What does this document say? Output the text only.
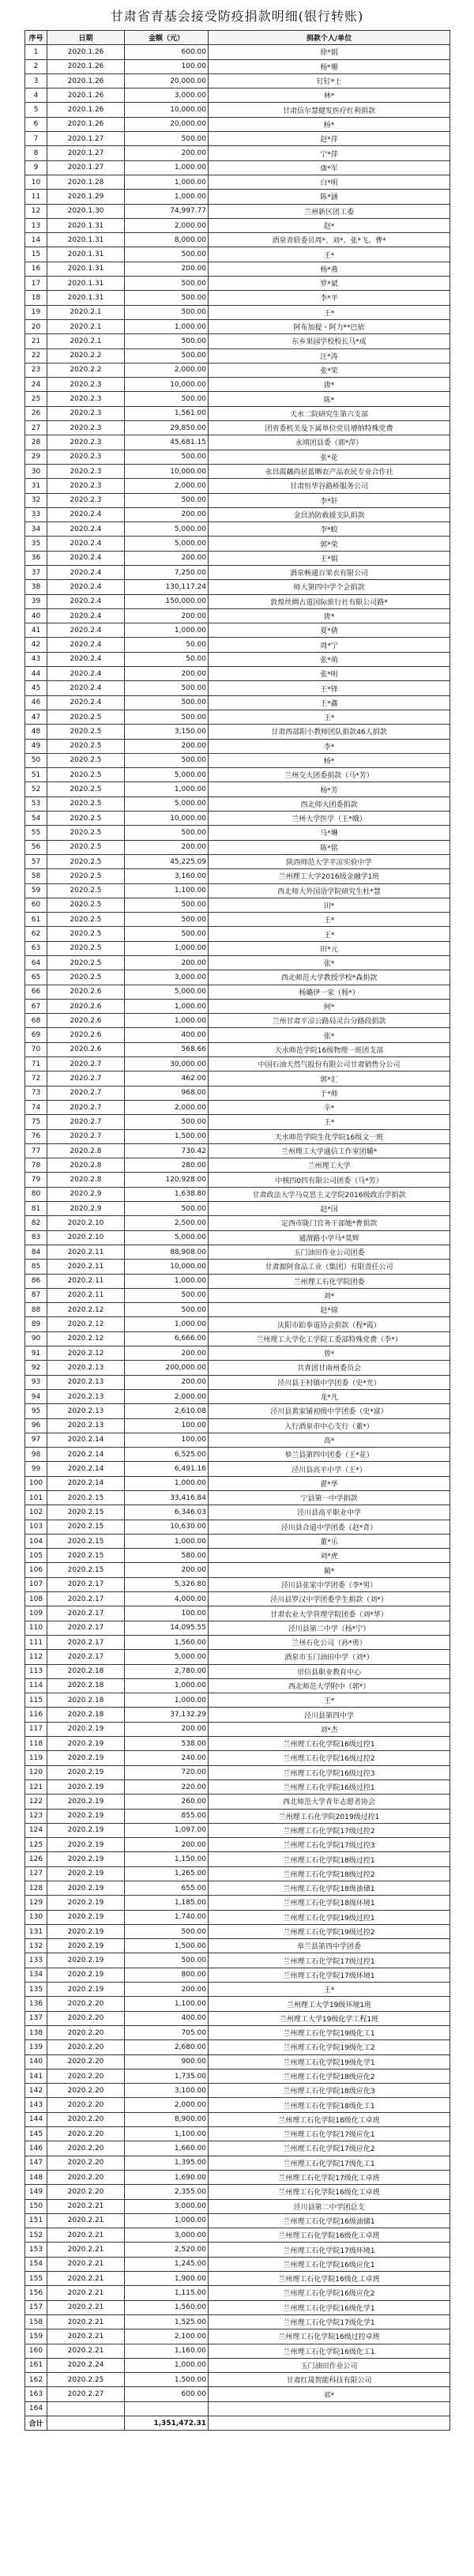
甘肃省青基会接受防疫捐款明细(银行转账)
序号	日期	金额（元）	捐款个人/单位
1	2020.1.26	600.00	徐*娟
2	2020.1.26	100.00	杨*珊
3	2020.1.26	20,000.00	钉钉*士
4	2020.1.26	3,000.00	林*
5	2020.1.26	10,000.00	甘肃信尔慧健发医疗红利捐款
6	2020.1.26	20,000.00	杨*
7	2020.1.27	500.00	赵*萍
8	2020.1.27	200.00	宁*萍
9	2020.1.27	1,000.00	康*军
10	2020.1.28	1,000.00	白*明
11	2020.1.29	1,000.00	陈*涵
12	2020.1.30	74,997.77	兰州新区团工委
13	2020.1.31	2,000.00	赵*
14	2020.1.31	8,000.00	酒泉青联委员周*、刘*、张*飞、曹*
15	2020.1.31	500.00	王*
16	2020.1.31	200.00	杨*燕
17	2020.1.31	500.00	罗*斌
18	2020.1.31	500.00	李*平
19	2020.2.1	500.00	王*
20	2020.2.1	1,000.00	阿布加提・阿力**巴依
21	2020.2.1	500.00	东乡果园学校校长马*成
22	2020.2.2	500.00	汪*涛
23	2020.2.2	2,000.00	张*荣
24	2020.2.3	10,000.00	唐*
25	2020.2.3	500.00	陈*
26	2020.2.3	1,561.00	天水二院研究生第六支部
27	2020.2.3	29,850.00	团省委机关及下属单位党员增纳特殊党费
28	2020.2.3	45,681.15	永靖团县委（郭*萍）
29	2020.2.3	500.00	张*花
30	2020.2.3	10,000.00	永昌霞藕尚居蓝晒农产品农民专业合作社
31	2020.2.3	2,000.00	甘肃恒华谷路桥服务公司
32	2020.2.3	500.00	李*轩
33	2020.2.4	200.00	金昌消防救援支队捐款
34	2020.2.4	5,000.00	李*蛟
35	2020.2.4	5,000.00	郭*荣
36	2020.2.4	200.00	王*娟
37	2020.2.4	7,250.00	酒泉畅通百果衣有限公司
38	2020.2.4	130,117.24	师大第四中学个会捐款
39	2020.2.4	150,000.00	敦煌丝绸古道国际旅行社有限公司路*
40	2020.2.4	200.00	唐*
41	2020.2.4	1,000.00	夏*倩
42	2020.2.4	50.00	周*宁
43	2020.2.4	50.00	张*萌
44	2020.2.4	200.00	张*明
45	2020.2.4	500.00	王*锋
46	2020.2.4	500.00	王*鑫
47	2020.2.5	500.00	王*
48	2020.2.5	3,150.00	甘肃西部阳小教师团队捐款46人捐款
49	2020.2.5	200.00	李*
50	2020.2.5	500.00	杨*
51	2020.2.5	5,000.00	兰州交大团委捐款（马*芳）
52	2020.2.5	1,000.00	杨*芳
53	2020.2.5	5,000.00	西北师大团委捐款
54	2020.2.5	10,000.00	兰州大学医学（王*娥）
55	2020.2.5	500.00	马*琳
56	2020.2.5	200.00	陈*铭
57	2020.2.5	45,225.09	陕西师范大学平凉实验中学
58	2020.2.5	3,160.00	兰州理工大学2016级金融学1班
59	2020.2.5	1,100.00	西北师大外国语学院研究生杜*慧
60	2020.2.5	500.00	田*
61	2020.2.5	500.00	王*
62	2020.2.5	500.00	王*
63	2020.2.5	1,000.00	田*元
64	2020.2.5	200.00	张*
65	2020.2.5	3,000.00	西北师范大学教授学校*森捐款
66	2020.2.6	5,000.00	杨璐伊一家（杨*）
67	2020.2.6	1,000.00	何*
68	2020.2.6	1,000.00	兰州甘肃平凉公路局灵台分路段捐款
69	2020.2.6	400.00	张*
70	2020.2.6	568.66	天水师范学院16级物理一班团支部
71	2020.2.7	30,000.00	中国石油天然气股份有限公司甘肃销售分公司
72	2020.2.7	462.00	郭*汇
73	2020.2.7	968.00	于*师
74	2020.2.7	2,000.00	辛*
75	2020.2.7	500.00	王*
76	2020.2.7	1,500.00	天水师范学院生化学院16级文一班
77	2020.2.8	730.42	兰州理工大学通信工作室团辅*
78	2020.2.8	280.00	兰州理工大学
79	2020.2.8	120,928.00	中核四0四有限公司团委（马*芳）
80	2020.2.9	1,638.80	甘肃政法大学马克思主义学院2016级政治学捐款
81	2020.2.9	500.00	赵*国
82	2020.2.10	2,500.00	定西市陇门官务干部她*曹捐款
83	2020.2.10	5,000.00	通渭路小学马*莫辉
84	2020.2.11	88,908.00	玉门油田作业公司团委
85	2020.2.11	10,000.00	甘肃源阿食品工业（集团）有限责任公司
86	2020.2.11	1,000.00	兰州理工石化学院团委
87	2020.2.11	500.00	刘*
88	2020.2.12	500.00	赵*锦
89	2020.2.12	1,000.00	庆阳市跆拳道协会捐款（程*霞）
90	2020.2.12	6,666.00	兰州理工大学化工学院工委部特殊党费（李*）
91	2020.2.12	200.00	曾*
92	2020.2.13	200,000.00	共青团甘南州委员会
93	2020.2.13	200.00	泾川县王村镇中学团委（史*光）
94	2020.2.13	2,000.00	龙*凡
95	2020.2.13	2,610.08	泾川县黄家铺初级中学团委（史*富）
96	2020.2.13	100.00	入行酒泉市中心支行（董*）
97	2020.2.14	100.00	高*
98	2020.2.14	6,525.00	皋兰县第四中团委（王*花）
99	2020.2.14	6,491.16	泾川县高平中学（王*）
100	2020.2.14	1,000.00	翟*华
101	2020.2.15	33,416.84	宁县第一中学捐款
102	2020.2.15	6,346.03	泾川县高平职业中学
103	2020.2.15	10,630.00	泾川县合道中学团委（赵*奇）
104	2020.2.15	1,000.00	董*乐
105	2020.2.15	580.00	刘*虎
106	2020.2.15	200.00	蔺*
107	2020.2.17	5,326.80	泾川县张家中学团委（李*男）
108	2020.2.17	4,000.00	泾川县罗汉中学团委学生捐款（刘*）
109	2020.2.17	100.00	甘肃农业大学管理学院团委（刘*华）
110	2020.2.17	14,095.55	泾川县第二中学（杨*宁）
111	2020.2.17	1,560.00	兰州石化公司（孙*勇）
112	2020.2.17	5,000.00	酒泉市玉门油田中学（刘*）
113	2020.2.18	2,780.00	崇信县职业教育中心
114	2020.2.18	1,000.00	西北师范大学附中（郭*）
115	2020.2.18	1,000.00	王*
116	2020.2.18	37,132.29	泾川县第四中学
117	2020.2.19	200.00	刘*杰
118	2020.2.19	538.00	兰州理工石化学院16级过控1
119	2020.2.19	240.00	兰州理工石化学院16级过控2
120	2020.2.19	720.00	兰州理工石化学院16级过控3
121	2020.2.19	220.00	兰州理工石化学院16级过控1
122	2020.2.19	260.00	西北师范大学青年志愿者协会
123	2020.2.19	855.00	兰州理工石化学院2019级过控1
124	2020.2.19	1,097.00	兰州理工石化学院17级过控2
125	2020.2.19	200.00	兰州理工石化学院17级过控3
126	2020.2.19	1,150.00	兰州理工石化学院18级过控1
127	2020.2.19	1,265.00	兰州理工石化学院18级过控2
128	2020.2.19	655.00	兰州理工石化学院18级油储1
129	2020.2.19	1,185.00	兰州理工石化学院18级环境1
130	2020.2.19	1,740.00	兰州理工石化学院19级过控1
131	2020.2.19	500.00	兰州理工石化学院19级过控2
132	2020.2.19	1,500.00	皋兰县第四中学团委
133	2020.2.19	500.00	兰州理工石化学院17级过控1
134	2020.2.19	800.00	兰州理工石化学院17级环境1
135	2020.2.19	200.00	王*
136	2020.2.20	1,100.00	兰州理工大学19级环境1班
137	2020.2.20	400.00	兰州理工大学19级化学工程1班
138	2020.2.20	705.00	兰州理工石化学院19级化工1
139	2020.2.20	2,680.00	兰州理工石化学院19级化工2
140	2020.2.20	900.00	兰州理工石化学院19级化学1
141	2020.2.20	1,735.00	兰州理工石化学院18级应化2
142	2020.2.20	3,100.00	兰州理工石化学院18级应化3
143	2020.2.20	2,000.00	兰州理工石化学院18级化工1
144	2020.2.20	8,900.00	兰州理工石化学院18级化工卓班
145	2020.2.20	1,100.00	兰州理工石化学院17级应化1
146	2020.2.20	1,660.00	兰州理工石化学院17级应化2
147	2020.2.20	1,395.00	兰州理工石化学院17级化工1
148	2020.2.20	1,690.00	兰州理工石化学院17级化工卓班
149	2020.2.20	2,355.00	兰州理工石化学院16级化工卓班
150	2020.2.21	3,000.00	泾川县第二中学团总支
151	2020.2.21	1,000.00	兰州理工石化学院16级油储1
152	2020.2.21	3,000.00	兰州理工石化学院16级化工卓班
153	2020.2.21	2,520.00	兰州理工石化学院17级环境1
154	2020.2.21	1,245.00	兰州理工石化学院16级应化1
155	2020.2.21	1,900.00	兰州理工石化学院16级化工卓班
156	2020.2.21	1,115.00	兰州理工石化学院16级应化2
157	2020.2.21	1,560.00	兰州理工石化学院16级化学1
158	2020.2.21	1,525.00	兰州理工石化学院17级化学1
159	2020.2.21	2,100.00	兰州理工石化学院16级过控卓班
160	2020.2.21	1,160.00	兰州理工石化学院16级化工1
161	2020.2.24	1,000.00	玉门油田作业公司
162	2020.2.25	1,500.00	甘肃红晟智能科技有限公司
163	2020.2.27	600.00	祁*
164			
合计		1,351,472.31	
